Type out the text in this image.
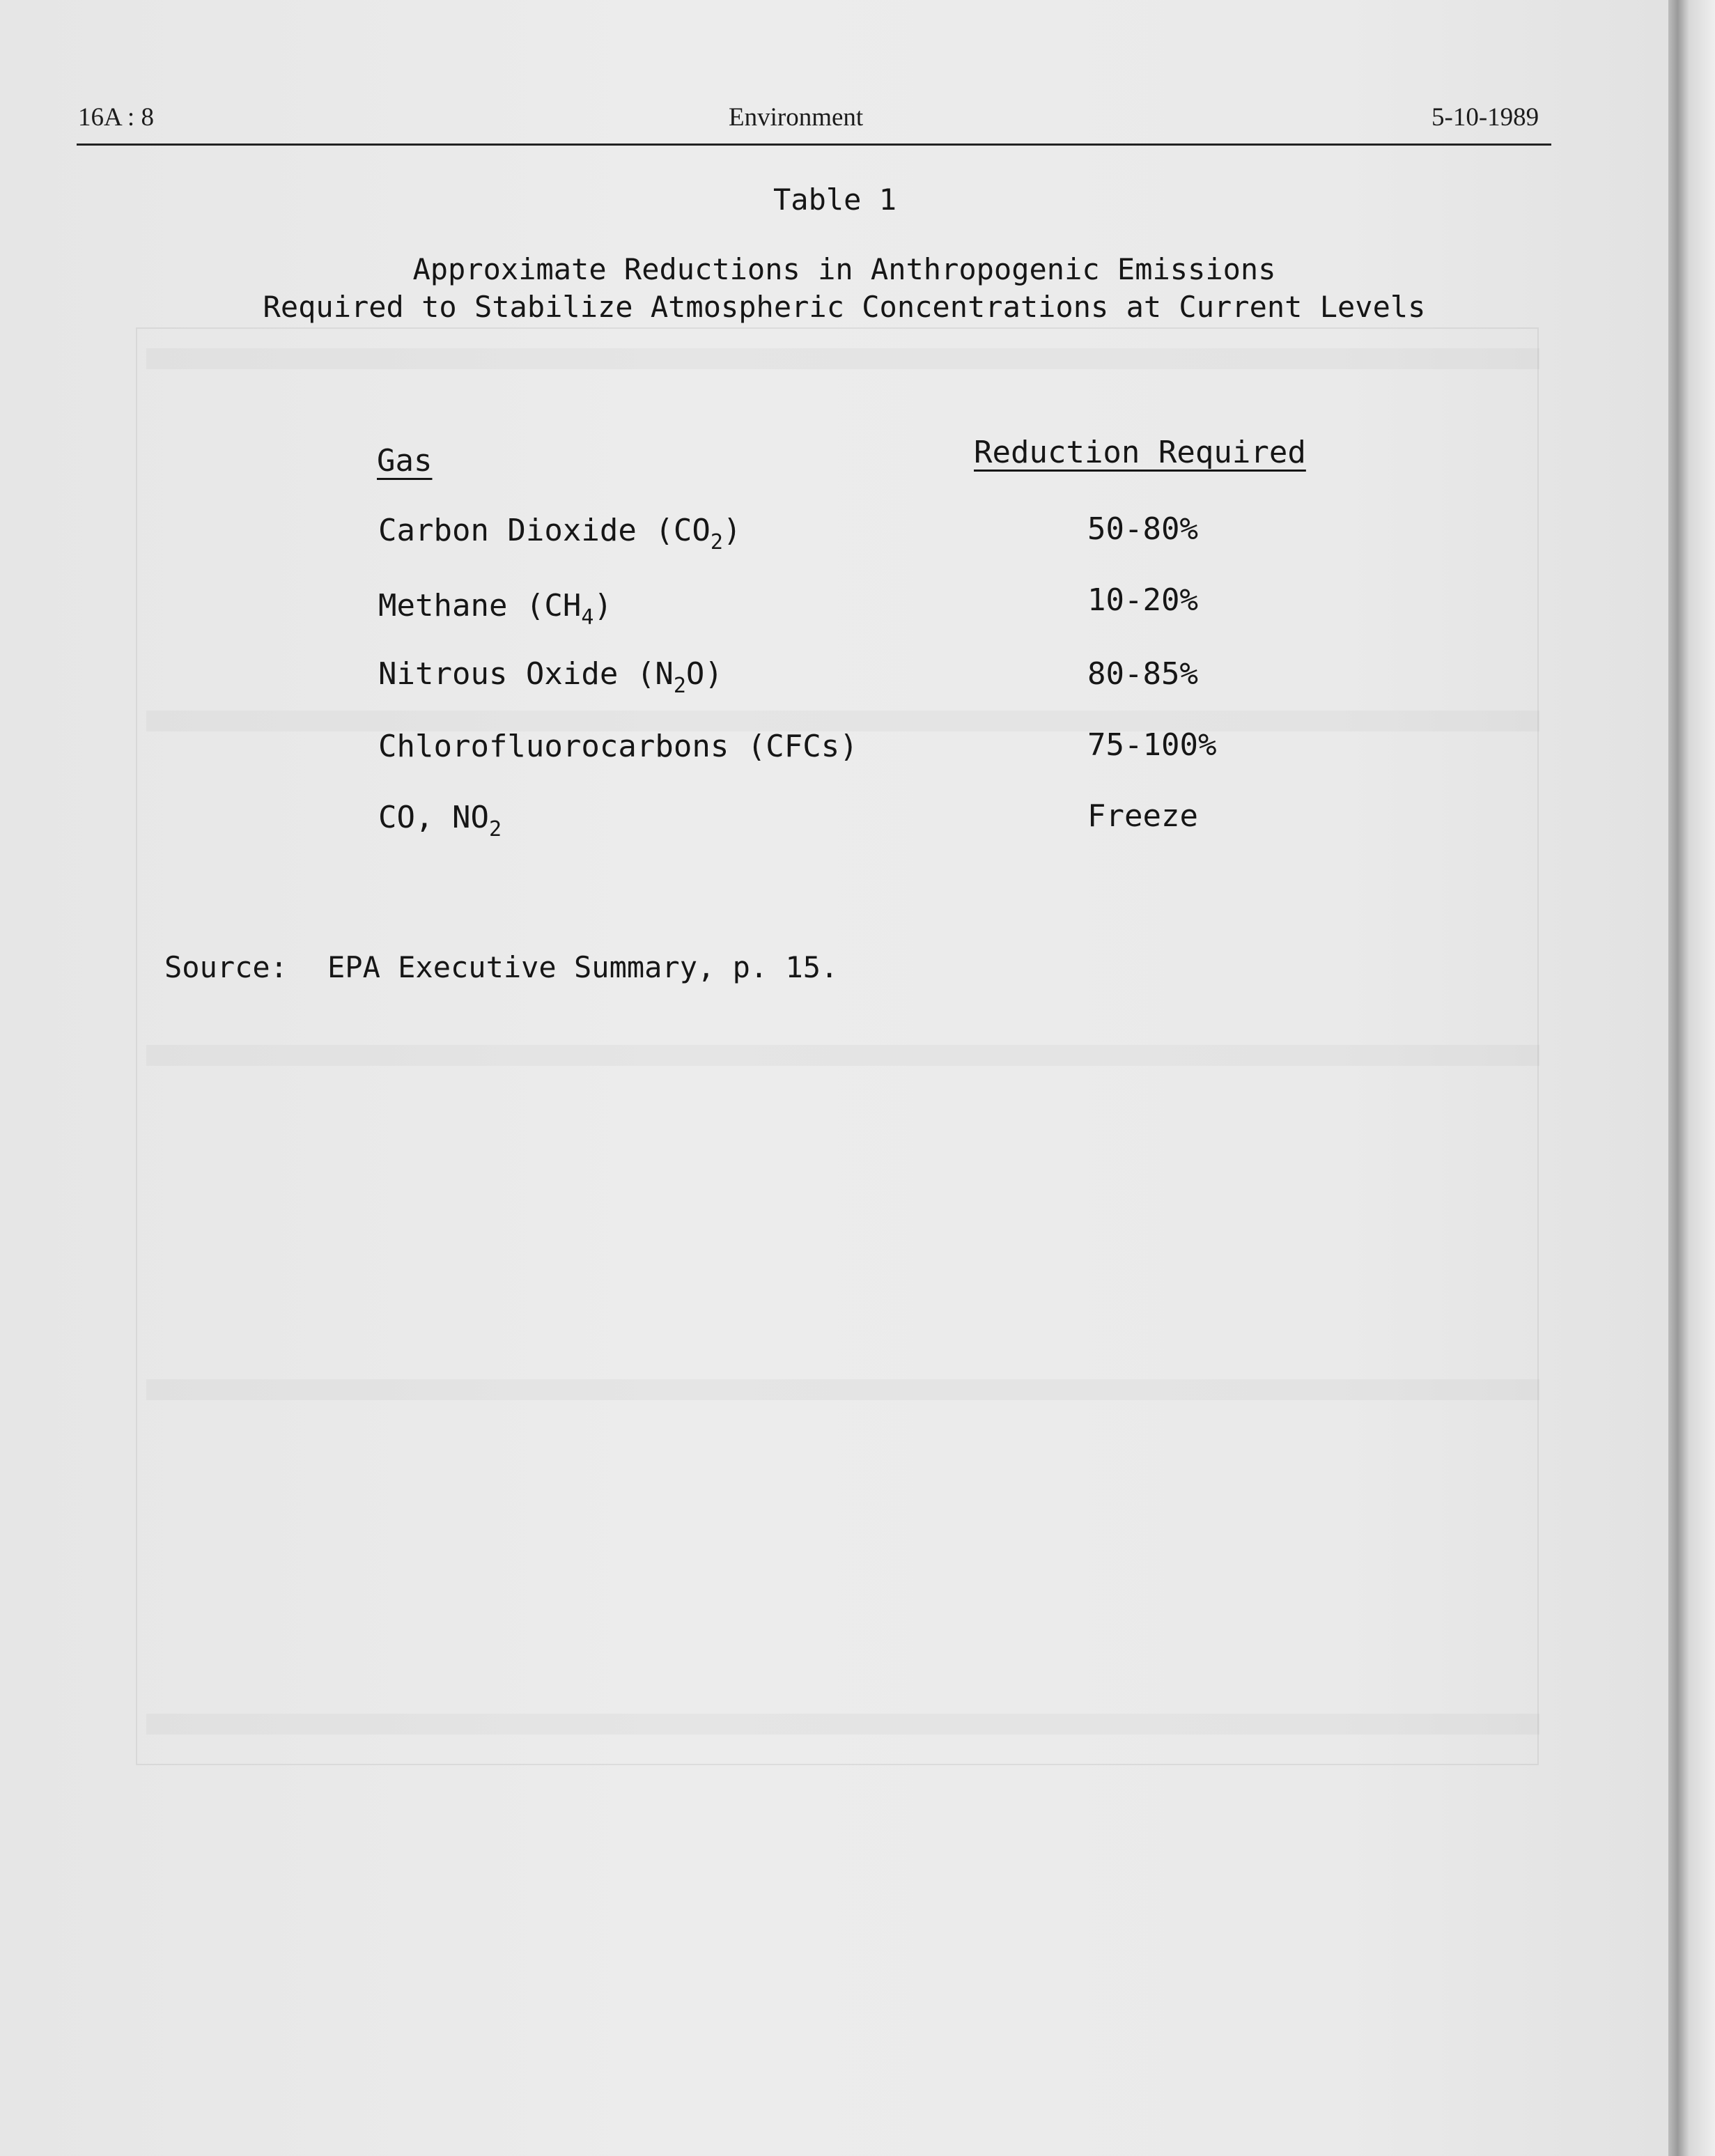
16A : 8	Environment	5-10-1989
Table 1
Approximate Reductions in Anthropogenic Emissions
Required to Stabilize Atmospheric Concentrations at Current Levels
Gas	Reduction Required
Carbon Dioxide $(CO_2)$	50-80%
Methane $(CH_4)$	10-20%
Nitrous Oxide $(N_2O)$	80-85%
Chlorofluorocarbons (CFCs)	75-100%
CO, $NO_2$	Freeze
Source: EPA Executive Summary, p. 15.
